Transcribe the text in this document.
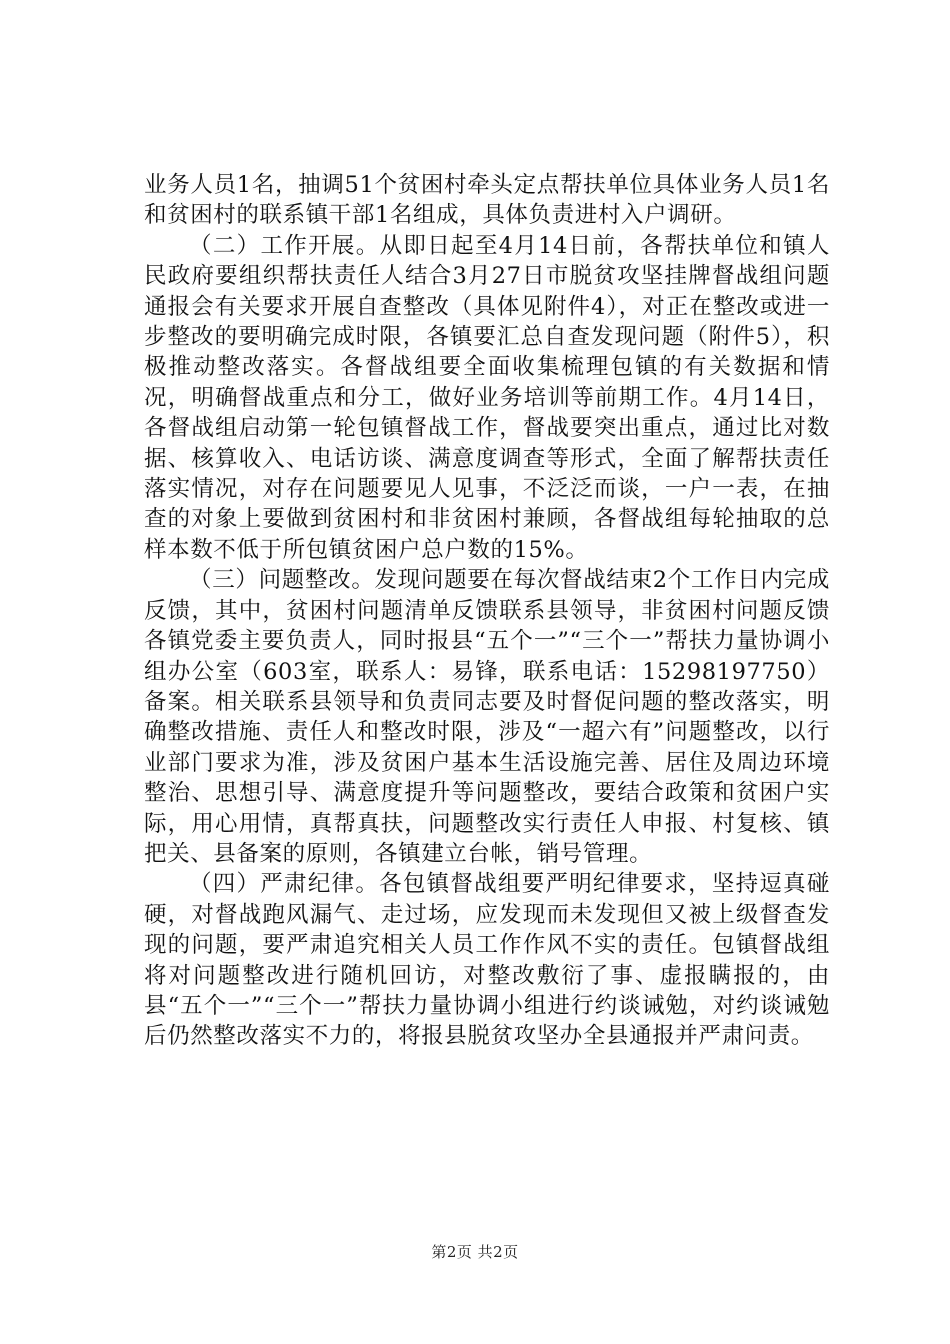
业务人员1名，抽调51个贫困村牵头定点帮扶单位具体业务人员1名和贫困村的联系镇干部1名组成，具体负责进村入户调研。

（二）工作开展。从即日起至4月14日前，各帮扶单位和镇人民政府要组织帮扶责任人结合3月27日市脱贫攻坚挂牌督战组问题通报会有关要求开展自查整改（具体见附件4），对正在整改或进一步整改的要明确完成时限，各镇要汇总自查发现问题（附件5），积极推动整改落实。各督战组要全面收集梳理包镇的有关数据和情况，明确督战重点和分工，做好业务培训等前期工作。4月14日，各督战组启动第一轮包镇督战工作，督战要突出重点，通过比对数据、核算收入、电话访谈、满意度调查等形式，全面了解帮扶责任落实情况，对存在问题要见人见事，不泛泛而谈，一户一表，在抽查的对象上要做到贫困村和非贫困村兼顾，各督战组每轮抽取的总样本数不低于所包镇贫困户总户数的15%。

（三）问题整改。发现问题要在每次督战结束2个工作日内完成反馈，其中，贫困村问题清单反馈联系县领导，非贫困村问题反馈各镇党委主要负责人，同时报县“五个一”“三个一”帮扶力量协调小组办公室（603室，联系人：易锋，联系电话：15298197750）备案。相关联系县领导和负责同志要及时督促问题的整改落实，明确整改措施、责任人和整改时限，涉及“一超六有”问题整改，以行业部门要求为准，涉及贫困户基本生活设施完善、居住及周边环境整治、思想引导、满意度提升等问题整改，要结合政策和贫困户实际，用心用情，真帮真扶，问题整改实行责任人申报、村复核、镇把关、县备案的原则，各镇建立台帐，销号管理。

（四）严肃纪律。各包镇督战组要严明纪律要求，坚持逗真碰硬，对督战跑风漏气、走过场，应发现而未发现但又被上级督查发现的问题，要严肃追究相关人员工作作风不实的责任。包镇督战组将对问题整改进行随机回访，对整改敷衍了事、虚报瞒报的，由县“五个一”“三个一”帮扶力量协调小组进行约谈诫勉，对约谈诫勉后仍然整改落实不力的，将报县脱贫攻坚办全县通报并严肃问责。

第2页 共2页
